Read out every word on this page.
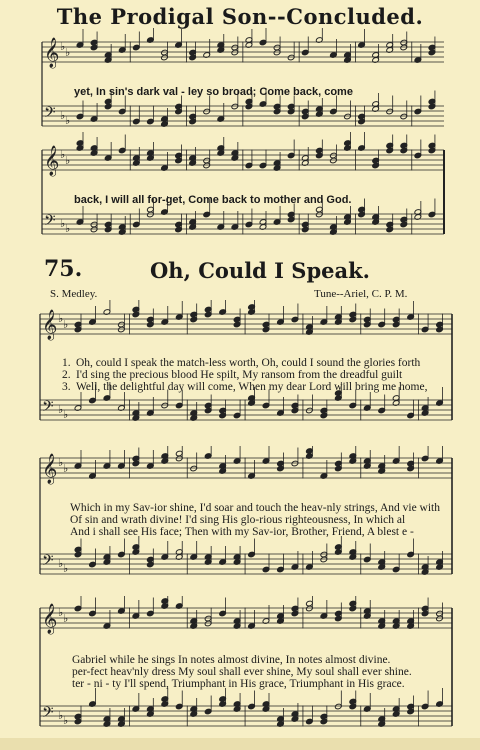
The Prodigal Son--Concluded.
𝄞 ♭ ♭
𝄢 ♭ ♭
𝄞 ♭ ♭
𝄢 ♭ ♭
yet, In sin's dark val - ley so broad; Come back, come
back, I will all for-get, Come back to mother and God.
75.	Oh, Could I Speak.
S. Medley.	Tune--Ariel, C. P. M.
𝄞 ♭ ♭
𝄢 ♭ ♭
1. Oh, could I speak the match-less worth, Oh, could I sound the glories forth
2. I'd sing the precious blood He spilt, My ransom from the dreadful guilt
3. Well, the delightful day will come, When my dear Lord will bring me home,
𝄞 ♭ ♭
𝄢 ♭ ♭
Which in my Sav-ior shine, I'd soar and touch the heav-nly strings, And vie with
Of sin and wrath divine! I'd sing His glo-rious righteousness, In which al
And i shall see His face; Then with my Sav-ior, Brother, Friend, A blest e -
𝄞 ♭ ♭
𝄢 ♭ ♭
Gabriel while he sings In notes almost divine, In notes almost divine.
per-fect heav'nly dress My soul shall ever shine, My soul shall ever shine.
ter - ni - ty I'll spend, Triumphant in His grace, Triumphant in His grace.
